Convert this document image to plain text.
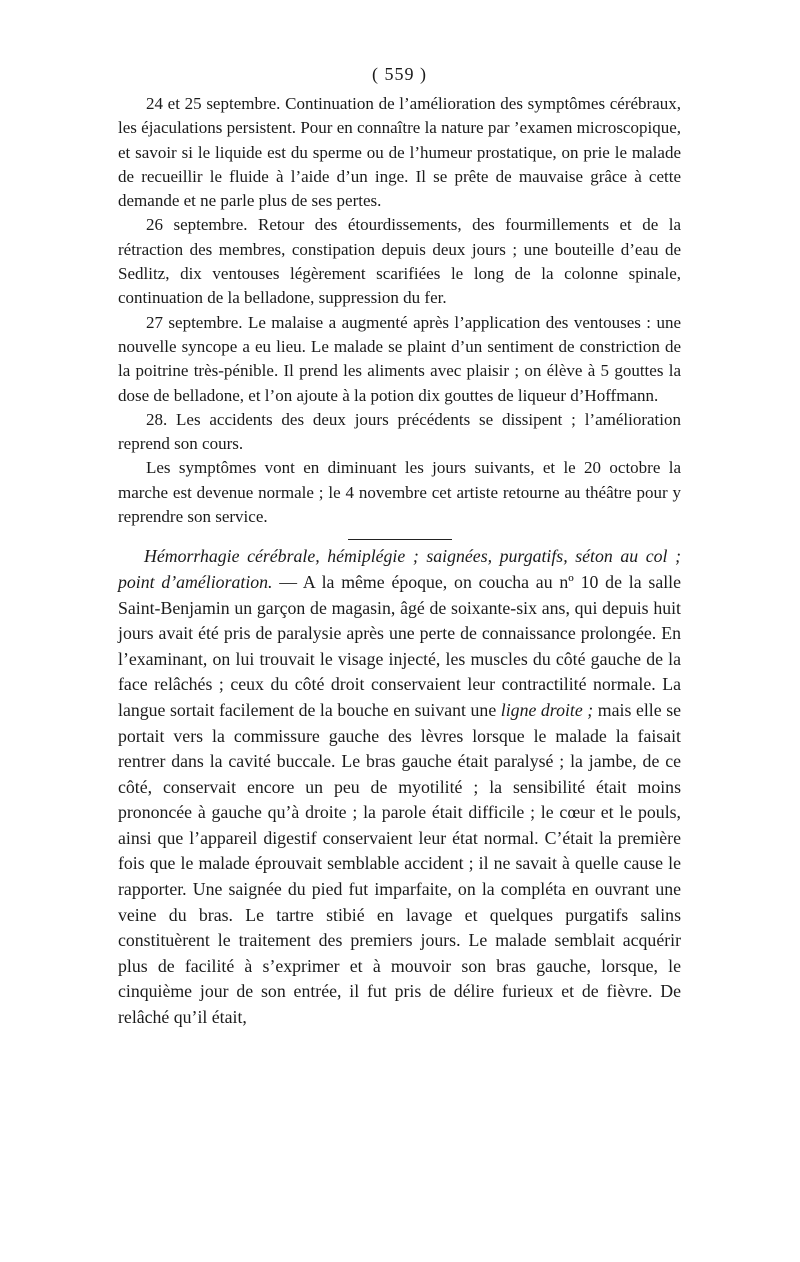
( 559 )

24 et 25 septembre. Continuation de l’amélioration des symptômes cérébraux, les éjaculations persistent. Pour en connaître la nature par ’examen microscopique, et savoir si le liquide est du sperme ou de l’humeur prostatique, on prie le malade de recueillir le fluide à l’aide d’un inge. Il se prête de mauvaise grâce à cette demande et ne parle plus de ses pertes.

26 septembre. Retour des étourdissements, des fourmillements et de la rétraction des membres, constipation depuis deux jours ; une bouteille d’eau de Sedlitz, dix ventouses légèrement scarifiées le long de la colonne spinale, continuation de la belladone, suppression du fer.

27 septembre. Le malaise a augmenté après l’application des ventouses : une nouvelle syncope a eu lieu. Le malade se plaint d’un sentiment de constriction de la poitrine très-pénible. Il prend les aliments avec plaisir ; on élève à 5 gouttes la dose de belladone, et l’on ajoute à la potion dix gouttes de liqueur d’Hoffmann.

28. Les accidents des deux jours précédents se dissipent ; l’amélioration reprend son cours.

Les symptômes vont en diminuant les jours suivants, et le 20 octobre la marche est devenue normale ; le 4 novembre cet artiste retourne au théâtre pour y reprendre son service.

Hémorrhagie cérébrale, hémiplégie ; saignées, purgatifs, séton au col ; point d’amélioration. — A la même époque, on coucha au nº 10 de la salle Saint-Benjamin un garçon de magasin, âgé de soixante-six ans, qui depuis huit jours avait été pris de paralysie après une perte de connaissance prolongée. En l’examinant, on lui trouvait le visage injecté, les muscles du côté gauche de la face relâchés ; ceux du côté droit conservaient leur contractilité normale. La langue sortait facilement de la bouche en suivant une ligne droite ; mais elle se portait vers la commissure gauche des lèvres lorsque le malade la faisait rentrer dans la cavité buccale. Le bras gauche était paralysé ; la jambe, de ce côté, conservait encore un peu de myotilité ; la sensibilité était moins prononcée à gauche qu’à droite ; la parole était difficile ; le cœur et le pouls, ainsi que l’appareil digestif conservaient leur état normal. C’était la première fois que le malade éprouvait semblable accident ; il ne savait à quelle cause le rapporter. Une saignée du pied fut imparfaite, on la compléta en ouvrant une veine du bras. Le tartre stibié en lavage et quelques purgatifs salins constituèrent le traitement des premiers jours. Le malade semblait acquérir plus de facilité à s’exprimer et à mouvoir son bras gauche, lorsque, le cinquième jour de son entrée, il fut pris de délire furieux et de fièvre. De relâché qu’il était,
